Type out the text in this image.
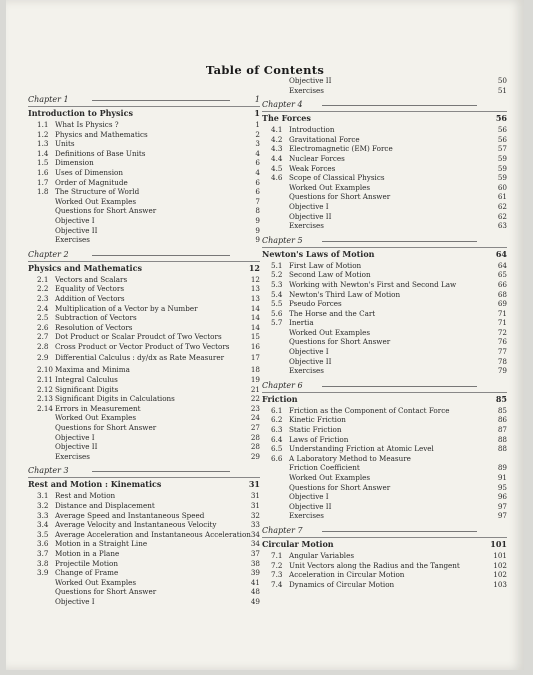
Table of Contents
Chapter 1	1
Introduction to Physics	1
1.1 What Is Physics ?	1
1.2 Physics and Mathematics	2
1.3 Units	3
1.4 Definitions of Base Units	4
1.5 Dimension	6
1.6 Uses of Dimension	4
1.7 Order of Magnitude	6
1.8 The Structure of World	6
Worked Out Examples	7
Questions for Short Answer	8
Objective I	9
Objective II	9
Exercises	9
Chapter 2
Physics and Mathematics	12
2.1 Vectors and Scalars	12
2.2 Equality of Vectors	13
2.3 Addition of Vectors	13
2.4 Multiplication of a Vector by a Number	14
2.5 Subtraction of Vectors	14
2.6 Resolution of Vectors	14
2.7 Dot Product or Scalar Proudct of Two Vectors	15
2.8 Cross Product or Vector Product of Two Vectors	16
2.9 Differential Calculus : dy/dx as Rate Measurer	17
2.10 Maxima and Minima	18
2.11 Integral Calculus	19
2.12 Significant Digits	21
2.13 Significant Digits in Calculations	22
2.14 Errors in Measurement	23
Worked Out Examples	24
Questions for Short Answer	27
Objective I	28
Objective II	28
Exercises	29
Chapter 3
Rest and Motion : Kinematics	31
3.1 Rest and Motion	31
3.2 Distance and Displacement	31
3.3 Average Speed and Instantaneous Speed	32
3.4 Average Velocity and Instantaneous Velocity	33
3.5 Average Acceleration and Instantaneous Acceleration 34
3.6 Motion in a Straight Line	34
3.7 Motion in a Plane	37
3.8 Projectile Motion	38
3.9 Change of Frame	39
Worked Out Examples	41
Questions for Short Answer	48
Objective I	49
Objective II	50
Exercises	51
Chapter 4
The Forces	56
4.1 Introduction	56
4.2 Gravitational Force	56
4.3 Electromagnetic (EM) Force	57
4.4 Nuclear Forces	59
4.5 Weak Forces	59
4.6 Scope of Classical Physics	59
Worked Out Examples	60
Questions for Short Answer	61
Objective I	62
Objective II	62
Exercises	63
Chapter 5
Newton's Laws of Motion	64
5.1 First Law of Motion	64
5.2 Second Law of Motion	65
5.3 Working with Newton's First and Second Law	66
5.4 Newton's Third Law of Motion	68
5.5 Pseudo Forces	69
5.6 The Horse and the Cart	71
5.7 Inertia	71
Worked Out Examples	72
Questions for Short Answer	76
Objective I	77
Objective II	78
Exercises	79
Chapter 6
Friction	85
6.1 Friction as the Component of Contact Force	85
6.2 Kinetic Friction	86
6.3 Static Friction	87
6.4 Laws of Friction	88
6.5 Understanding Friction at Atomic Level	88
6.6 A Laboratory Method to Measure
Friction Coefficient	89
Worked Out Examples	91
Questions for Short Answer	95
Objective I	96
Objective II	97
Exercises	97
Chapter 7
Circular Motion	101
7.1 Angular Variables	101
7.2 Unit Vectors along the Radius and the Tangent	102
7.3 Acceleration in Circular Motion	102
7.4 Dynamics of Circular Motion	103
